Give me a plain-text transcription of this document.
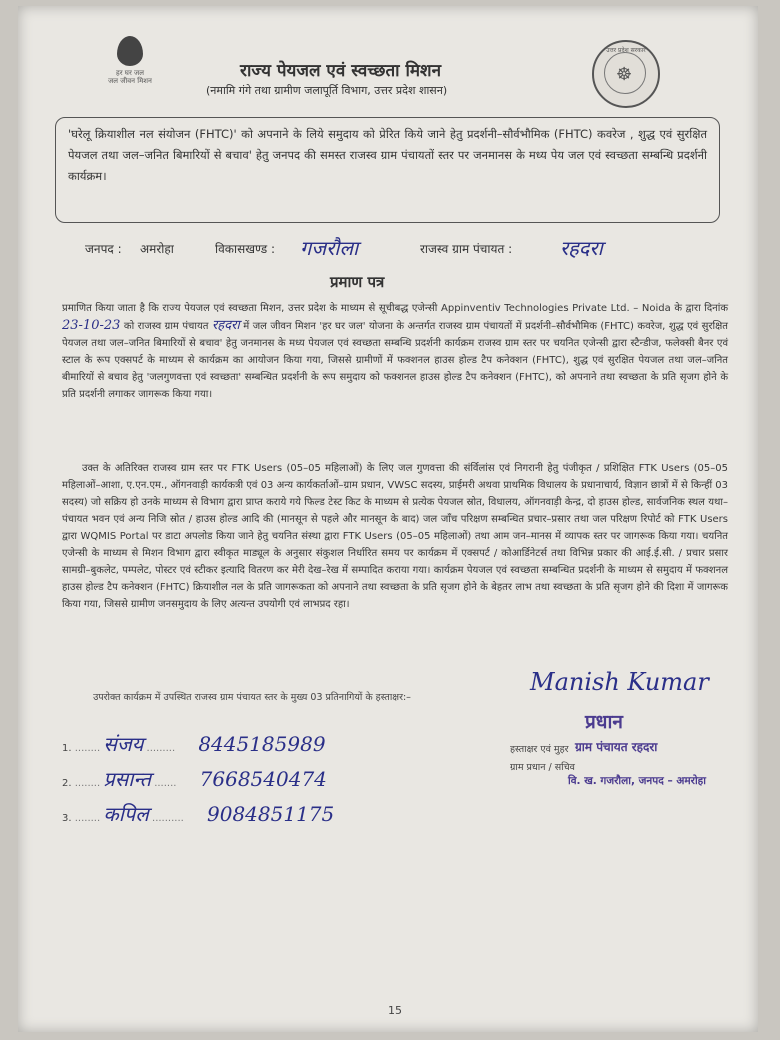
हर घर जल
जल जीवन मिशन	राज्य पेयजल एवं स्वच्छता मिशन
(नमामि गंगे तथा ग्रामीण जलापूर्ति विभाग, उत्तर प्रदेश शासन)
☸
उत्तर प्रदेश सरकार
'घरेलू क्रियाशील नल संयोजन (FHTC)' को अपनाने के लिये समुदाय को प्रेरित किये जाने हेतु प्रदर्शनी–सौर्वभौमिक (FHTC) कवरेज , शुद्ध एवं सुरक्षित पेयजल तथा जल–जनित बिमारियों से बचाव' हेतु जनपद की समस्त राजस्व ग्राम पंचायतों स्तर पर जनमानस के मध्य पेय जल एवं स्वच्छता सम्बन्धि प्रदर्शनी कार्यक्रम।
जनपद : अमरोहा	विकासखण्ड : गजरौला	राजस्व ग्राम पंचायत : रहदरा
प्रमाण पत्र
प्रमाणित किया जाता है कि राज्य पेयजल एवं स्वच्छता मिशन, उत्तर प्रदेश के माध्यम से सूचीबद्ध एजेन्सी Appinventiv Technologies Private Ltd. – Noida के द्वारा दिनांक 23-10-23 को राजस्व ग्राम पंचायत रहदरा में जल जीवन मिशन 'हर घर जल' योजना के अन्तर्गत राजस्व ग्राम पंचायतों में प्रदर्शनी–सौर्वभौमिक (FHTC) कवरेज, शुद्ध एवं सुरक्षित पेयजल तथा जल–जनित बिमारियों से बचाव' हेतु जनमानस के मध्य पेयजल एवं स्वच्छता सम्बन्धि प्रदर्शनी कार्यक्रम राजस्व ग्राम स्तर पर चयनित एजेन्सी द्वारा स्टैन्डीज, फलेक्सी बैनर एवं स्टाल के रूप एक्सपर्ट के माध्यम से कार्यक्रम का आयोजन किया गया, जिससे ग्रामीणों में फक्शनल हाउस होल्ड टैप कनेक्शन (FHTC), शुद्ध एवं सुरक्षित पेयजल तथा जल–जनित बीमारियों से बचाव हेतु 'जलगुणवत्ता एवं स्वच्छता' सम्बन्धित प्रदर्शनी के रूप समुदाय को फक्शनल हाउस होल्ड टैप कनेक्शन (FHTC), को अपनाने तथा स्वच्छता के प्रति सृजग होने के प्रति प्रदर्शनी लगाकर जागरूक किया गया।
उक्त के अतिरिक्त राजस्व ग्राम स्तर पर FTK Users (05–05 महिलाओं) के लिए जल गुणवत्ता की संर्विलांस एवं निगरानी हेतु पंजीकृत / प्रशिक्षित FTK Users (05–05 महिलाओं–आशा, ए.एन.एम., ऑगनवाड़ी कार्यकत्री एवं 03 अन्य कार्यकर्ताओं–ग्राम प्रधान, VWSC सदस्य, प्राईमरी अथवा प्राथमिक विधालय के प्रधानाचार्य, विज्ञान छात्रों में से किन्हीं 03 सदस्य) जो सक्रिय हो उनके माध्यम से विभाग द्वारा प्राप्त कराये गये फिल्ड टेस्ट किट के माध्यम से प्रत्येक पेयजल स्रोत, विधालय, ऑगनवाड़ी केन्द्र, दो हाउस होल्ड, सार्वजनिक स्थल यथा–पंचायत भवन एवं अन्य निजि स्रोत / हाउस होल्ड आदि की (मानसून से पहले और मानसून के बाद) जल जाँच परिक्षण सम्बन्धित प्रचार–प्रसार तथा जल परिक्षण रिपोर्ट को FTK Users द्वारा WQMIS Portal पर डाटा अपलोड किया जाने हेतु चयनित संस्था द्वारा FTK Users (05–05 महिलाओं) तथा आम जन–मानस में व्यापक स्तर पर जागरूक किया गया। चयनित एजेन्सी के माध्यम से मिशन विभाग द्वारा स्वीकृत माड्यूल के अनुसार संकुशल निर्धारित समय पर कार्यक्रम में एक्सपर्ट / कोआर्डिनेटर्स तथा विभिन्न प्रकार की आई.ई.सी. / प्रचार प्रसार सामग्री–बुकलेट, पम्पलेट, पोस्टर एवं स्टीकर इत्यादि वितरण कर मेरी देख–रेख में सम्पादित कराया गया। कार्यक्रम पेयजल एवं स्वच्छता सम्बन्धित प्रदर्शनी के माध्यम से समुदाय में फक्शनल हाउस होल्ड टैप कनेक्शन (FHTC) क्रियाशील नल के प्रति जागरूकता को अपनाने तथा स्वच्छता के प्रति सृजग होने के बेहतर लाभ तथा स्वच्छता के प्रति सृजग होने की दिशा में जागरूक किया गया, जिससे ग्रामीण जनसमुदाय के लिए अत्यन्त उपयोगी एवं लाभप्रद रहा।
उपरोक्त कार्यक्रम में उपस्थित राजस्व ग्राम पंचायत स्तर के मुख्य 03 प्रतिनागियों के हस्ताक्षर:–
1. ........ संजय ......... 8445185989
2. ........ प्रसान्त ....... 7668540474
3. ........ कपिल .......... 9084851175
Manish Kumar
प्रधान
हस्ताक्षर एवं मुहर ग्राम पंचायत रहदरा
ग्राम प्रधान / सचिव
वि. ख. गजरौला, जनपद – अमरोहा
15
